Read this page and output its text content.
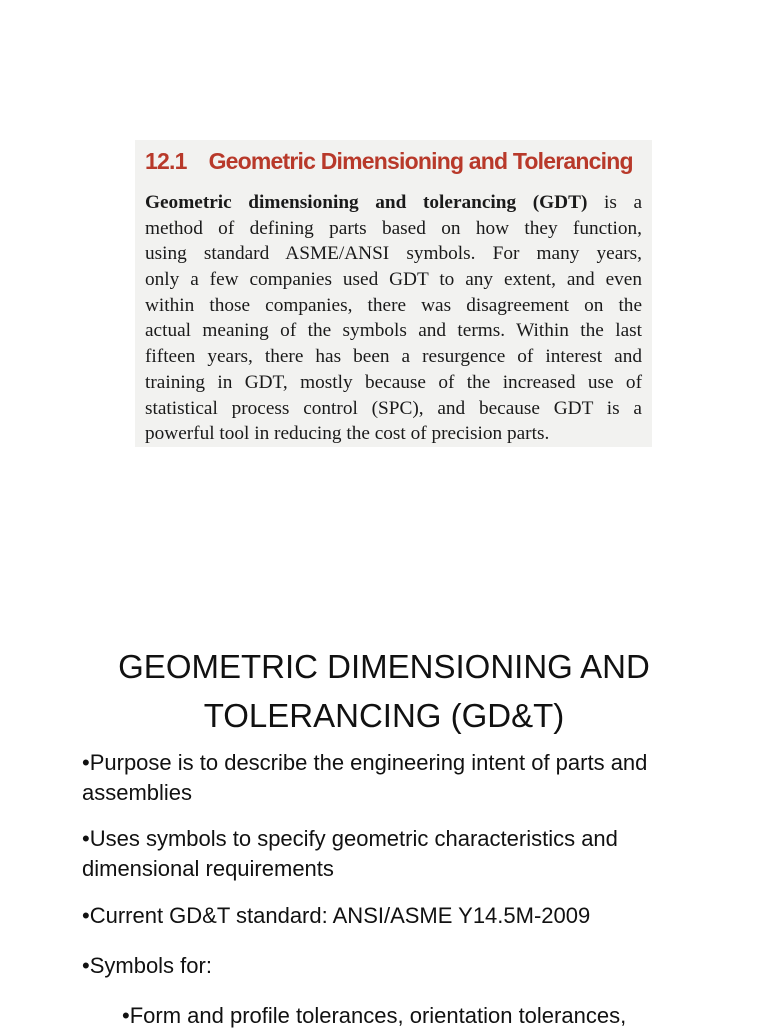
12.1 Geometric Dimensioning and Tolerancing
Geometric dimensioning and tolerancing (GDT) is a
method of defining parts based on how they function,
using standard ASME/ANSI symbols. For many years,
only a few companies used GDT to any extent, and even
within those companies, there was disagreement on the
actual meaning of the symbols and terms. Within the last
fifteen years, there has been a resurgence of interest and
training in GDT, mostly because of the increased use of
statistical process control (SPC), and because GDT is a
powerful tool in reducing the cost of precision parts.
GEOMETRIC DIMENSIONING AND
TOLERANCING (GD&T)
•Purpose is to describe the engineering intent of parts and assemblies
•Uses symbols to specify geometric characteristics and dimensional requirements
•Current GD&T standard: ANSI/ASME Y14.5M-2009
•Symbols for:
•Form and profile tolerances, orientation tolerances,
